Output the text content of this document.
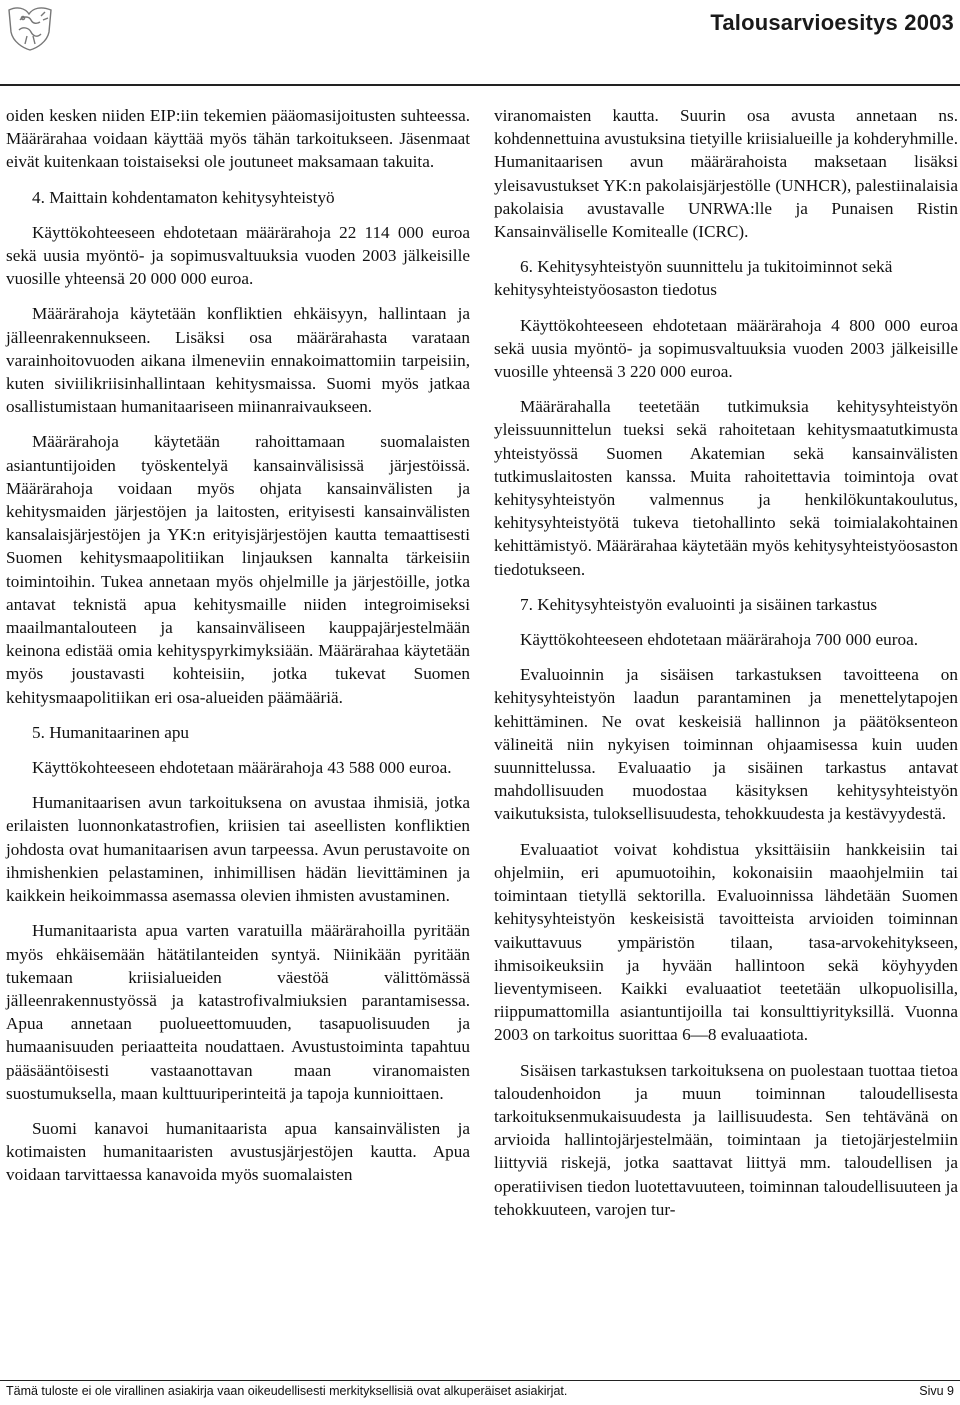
Talousarvioesitys 2003

oiden kesken niiden EIP:iin tekemien pääomasijoitusten suhteessa. Määrärahaa voidaan käyttää myös tähän tarkoitukseen. Jäsenmaat eivät kuitenkaan toistaiseksi ole joutuneet maksamaan takuita.

4. Maittain kohdentamaton kehitysyhteistyö

Käyttökohteeseen ehdotetaan määrärahoja 22 114 000 euroa sekä uusia myöntö- ja sopimusvaltuuksia vuoden 2003 jälkeisille vuosille yhteensä 20 000 000 euroa.

Määrärahoja käytetään konfliktien ehkäisyyn, hallintaan ja jälleenrakennukseen. Lisäksi osa määrärahasta varataan varainhoitovuoden aikana ilmeneviin ennakoimattomiin tarpeisiin, kuten siviilikriisinhallintaan kehitysmaissa. Suomi myös jatkaa osallistumistaan humanitaariseen miinanraivaukseen.

Määrärahoja käytetään rahoittamaan suomalaisten asiantuntijoiden työskentelyä kansainvälisissä järjestöissä. Määrärahoja voidaan myös ohjata kansainvälisten ja kehitysmaiden järjestöjen ja laitosten, erityisesti kansainvälisten kansalaisjärjestöjen ja YK:n erityisjärjestöjen kautta temaattisesti Suomen kehitysmaapolitiikan linjauksen kannalta tärkeisiin toimintoihin. Tukea annetaan myös ohjelmille ja järjestöille, jotka antavat teknistä apua kehitysmaille niiden integroimiseksi maailmantalouteen ja kansainväliseen kauppajärjestelmään keinona edistää omia kehityspyrkimyksiään. Määrärahaa käytetään myös joustavasti kohteisiin, jotka tukevat Suomen kehitysmaapolitiikan eri osa-alueiden päämääriä.

5. Humanitaarinen apu

Käyttökohteeseen ehdotetaan määrärahoja 43 588 000 euroa.

Humanitaarisen avun tarkoituksena on avustaa ihmisiä, jotka erilaisten luonnonkatastrofien, kriisien tai aseellisten konfliktien johdosta ovat humanitaarisen avun tarpeessa. Avun perustavoite on ihmishenkien pelastaminen, inhimillisen hädän lievittäminen ja kaikkein heikoimmassa asemassa olevien ihmisten avustaminen.

Humanitaarista apua varten varatuilla määrärahoilla pyritään myös ehkäisemään hätätilanteiden syntyä. Niinikään pyritään tukemaan kriisialueiden väestöä välittömässä jälleenrakennustyössä ja katastrofivalmiuksien parantamisessa. Apua annetaan puolueettomuuden, tasapuolisuuden ja humaanisuuden periaatteita noudattaen. Avustustoiminta tapahtuu pääsääntöisesti vastaanottavan maan viranomaisten suostumuksella, maan kulttuuriperinteitä ja tapoja kunnioittaen.

Suomi kanavoi humanitaarista apua kansainvälisten ja kotimaisten humanitaaristen avustusjärjestöjen kautta. Apua voidaan tarvittaessa kanavoida myös suomalaisten

viranomaisten kautta. Suurin osa avusta annetaan ns. kohdennettuina avustuksina tietyille kriisialueille ja kohderyhmille. Humanitaarisen avun määrärahoista maksetaan lisäksi yleisavustukset YK:n pakolaisjärjestölle (UNHCR), palestiinalaisia pakolaisia avustavalle UNRWA:lle ja Punaisen Ristin Kansainväliselle Komitealle (ICRC).

6. Kehitysyhteistyön suunnittelu ja tukitoiminnot sekä kehitysyhteistyöosaston tiedotus

Käyttökohteeseen ehdotetaan määrärahoja 4 800 000 euroa sekä uusia myöntö- ja sopimusvaltuuksia vuoden 2003 jälkeisille vuosille yhteensä 3 220 000 euroa.

Määrärahalla teetetään tutkimuksia kehitysyhteistyön yleissuunnittelun tueksi sekä rahoitetaan kehitysmaatutkimusta yhteistyössä Suomen Akatemian sekä kansainvälisten tutkimuslaitosten kanssa. Muita rahoitettavia toimintoja ovat kehitysyhteistyön valmennus ja henkilökuntakoulutus, kehitysyhteistyötä tukeva tietohallinto sekä toimialakohtainen kehittämistyö. Määrärahaa käytetään myös kehitysyhteistyöosaston tiedotukseen.

7. Kehitysyhteistyön evaluointi ja sisäinen tarkastus

Käyttökohteeseen ehdotetaan määrärahoja 700 000 euroa.

Evaluoinnin ja sisäisen tarkastuksen tavoitteena on kehitysyhteistyön laadun parantaminen ja menettelytapojen kehittäminen. Ne ovat keskeisiä hallinnon ja päätöksenteon välineitä niin nykyisen toiminnan ohjaamisessa kuin uuden suunnittelussa. Evaluaatio ja sisäinen tarkastus antavat mahdollisuuden muodostaa käsityksen kehitysyhteistyön vaikutuksista, tuloksellisuudesta, tehokkuudesta ja kestävyydestä.

Evaluaatiot voivat kohdistua yksittäisiin hankkeisiin tai ohjelmiin, eri apumuotoihin, kokonaisiin maaohjelmiin tai toimintaan tietyllä sektorilla. Evaluoinnissa lähdetään Suomen kehitysyhteistyön keskeisistä tavoitteista arvioiden toiminnan vaikuttavuus ympäristön tilaan, tasa-arvokehitykseen, ihmisoikeuksiin ja hyvään hallintoon sekä köyhyyden lieventymiseen. Kaikki evaluaatiot teetetään ulkopuolisilla, riippumattomilla asiantuntijoilla tai konsulttiyrityksillä. Vuonna 2003 on tarkoitus suorittaa 6—8 evaluaatiota.

Sisäisen tarkastuksen tarkoituksena on puolestaan tuottaa tietoa taloudenhoidon ja muun toiminnan taloudellisesta tarkoituksenmukaisuudesta ja laillisuudesta. Sen tehtävänä on arvioida hallintojärjestelmään, toimintaan ja tietojärjestelmiin liittyviä riskejä, jotka saattavat liittyä mm. taloudellisen ja operatiivisen tiedon luotettavuuteen, toiminnan taloudellisuuteen ja tehokkuuteen, varojen tur-

Tämä tuloste ei ole virallinen asiakirja vaan oikeudellisesti merkityksellisiä ovat alkuperäiset asiakirjat.	Sivu 9
